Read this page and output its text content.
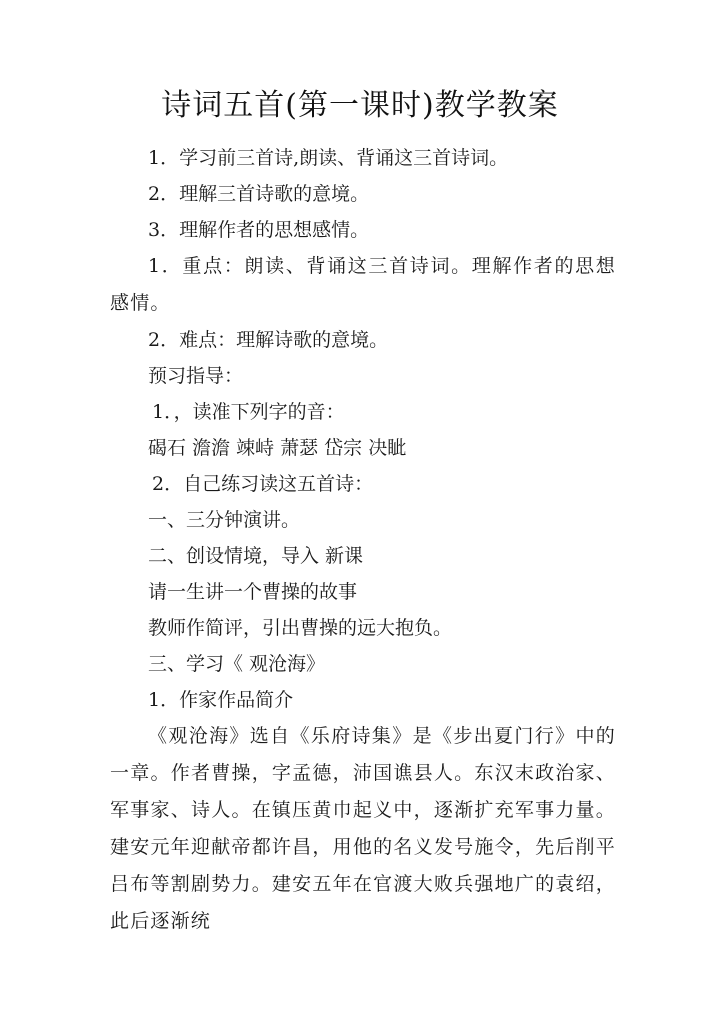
诗词五首(第一课时)教学教案

1．学习前三首诗,朗读、背诵这三首诗词。

2．理解三首诗歌的意境。

3．理解作者的思想感情。

1．重点：朗读、背诵这三首诗词。理解作者的思想感情。

2．难点：理解诗歌的意境。

预习指导：

1．，读准下列字的音：

碣石 澹澹 竦峙 萧瑟 岱宗 决眦

2．自己练习读这五首诗：

一、三分钟演讲。

二、创设情境，导入 新课

请一生讲一个曹操的故事

教师作简评，引出曹操的远大抱负。

三、学习《 观沧海》

1．作家作品简介

《观沧海》选自《乐府诗集》是《步出夏门行》中的一章。作者曹操，字孟德，沛国谯县人。东汉末政治家、军事家、诗人。在镇压黄巾起义中，逐渐扩充军事力量。建安元年迎献帝都许昌，用他的名义发号施令，先后削平吕布等割剧势力。建安五年在官渡大败兵强地广的袁绍，此后逐渐统
